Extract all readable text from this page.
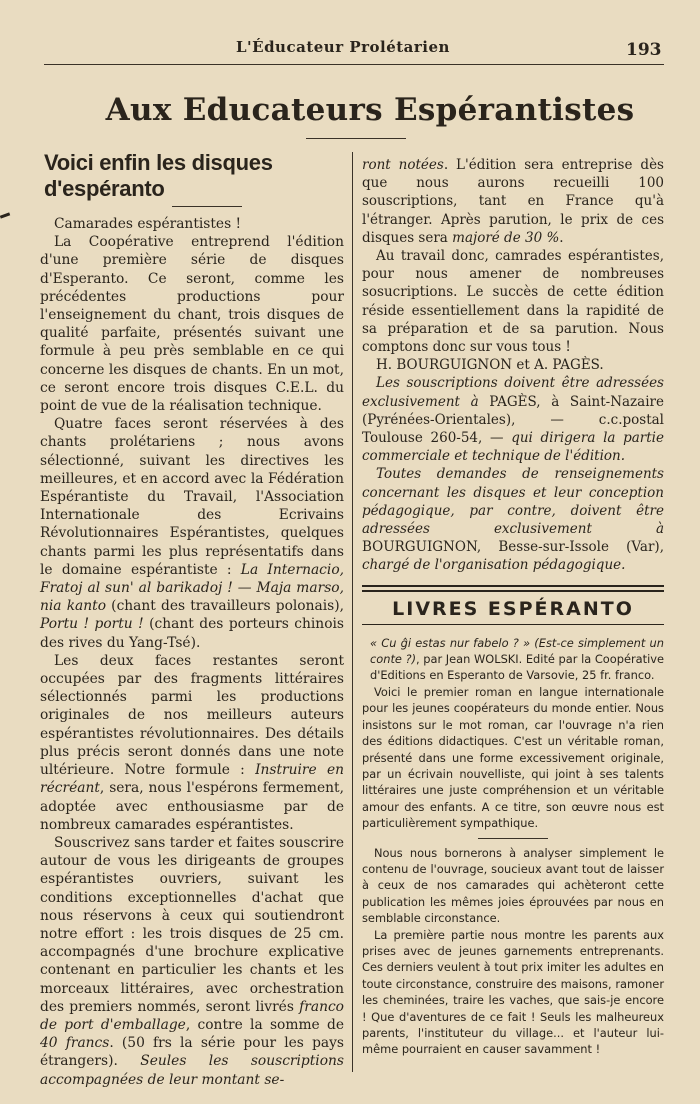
L'Éducateur Prolétarien	193
Aux Educateurs Espérantistes
Voici enfin les disques d'espéranto

Camarades espérantistes !

La Coopérative entreprend l'édition d'une première série de disques d'Esperanto. Ce seront, comme les précédentes productions pour l'enseignement du chant, trois disques de qualité parfaite, présentés suivant une formule à peu près semblable en ce qui concerne les disques de chants. En un mot, ce seront encore trois disques C.E.L. du point de vue de la réalisation technique.

Quatre faces seront réservées à des chants prolétariens ; nous avons sélectionné, suivant les directives les meilleures, et en accord avec la Fédération Espérantiste du Travail, l'Association Internationale des Ecrivains Révolutionnaires Espérantistes, quelques chants parmi les plus représentatifs dans le domaine espérantiste : La Internacio, Fratoj al sun' al barikadoj ! — Maja marso, nia kanto (chant des travailleurs polonais), Portu ! portu ! (chant des porteurs chinois des rives du Yang-Tsé).

Les deux faces restantes seront occupées par des fragments littéraires sélectionnés parmi les productions originales de nos meilleurs auteurs espérantistes révolutionnaires. Des détails plus précis seront donnés dans une note ultérieure. Notre formule : Instruire en récréant, sera, nous l'espérons fermement, adoptée avec enthousiasme par de nombreux camarades espérantistes.

Souscrivez sans tarder et faites souscrire autour de vous les dirigeants de groupes espérantistes ouvriers, suivant les conditions exceptionnelles d'achat que nous réservons à ceux qui soutiendront notre effort : les trois disques de 25 cm. accompagnés d'une brochure explicative contenant en particulier les chants et les morceaux littéraires, avec orchestration des premiers nommés, seront livrés franco de port d'emballage, contre la somme de 40 francs. (50 frs la série pour les pays étrangers). Seules les souscriptions accompagnées de leur montant se-

ront notées. L'édition sera entreprise dès que nous aurons recueilli 100 souscriptions, tant en France qu'à l'étranger. Après parution, le prix de ces disques sera majoré de 30 %.

Au travail donc, camrades espérantistes, pour nous amener de nombreuses sosucriptions. Le succès de cette édition réside essentiellement dans la rapidité de sa préparation et de sa parution. Nous comptons donc sur vous tous !

H. BOURGUIGNON et A. PAGÈS.

Les souscriptions doivent être adressées exclusivement à PAGÈS, à Saint-Nazaire (Pyrénées-Orientales), — c.c.postal Toulouse 260-54, — qui dirigera la partie commerciale et technique de l'édition.

Toutes demandes de renseignements concernant les disques et leur conception pédagogique, par contre, doivent être adressées exclusivement à BOURGUIGNON, Besse-sur-Issole (Var), chargé de l'organisation pédagogique.

LIVRES ESPÉRANTO

« Cu ĝi estas nur fabelo ? » (Est-ce simplement un conte ?), par Jean WOLSKI. Edité par la Coopérative d'Editions en Esperanto de Varsovie, 25 fr. franco.

Voici le premier roman en langue internationale pour les jeunes coopérateurs du monde entier. Nous insistons sur le mot roman, car l'ouvrage n'a rien des éditions didactiques. C'est un véritable roman, présenté dans une forme excessivement originale, par un écrivain nouvelliste, qui joint à ses talents littéraires une juste compréhension et un véritable amour des enfants. A ce titre, son œuvre nous est particulièrement sympathique.

Nous nous bornerons à analyser simplement le contenu de l'ouvrage, soucieux avant tout de laisser à ceux de nos camarades qui achèteront cette publication les mêmes joies éprouvées par nous en semblable circonstance.

La première partie nous montre les parents aux prises avec de jeunes garnements entreprenants. Ces derniers veulent à tout prix imiter les adultes en toute circonstance, construire des maisons, ramoner les cheminées, traire les vaches, que sais-je encore ! Que d'aventures de ce fait ! Seuls les malheureux parents, l'instituteur du village... et l'auteur lui-même pourraient en causer savamment !
